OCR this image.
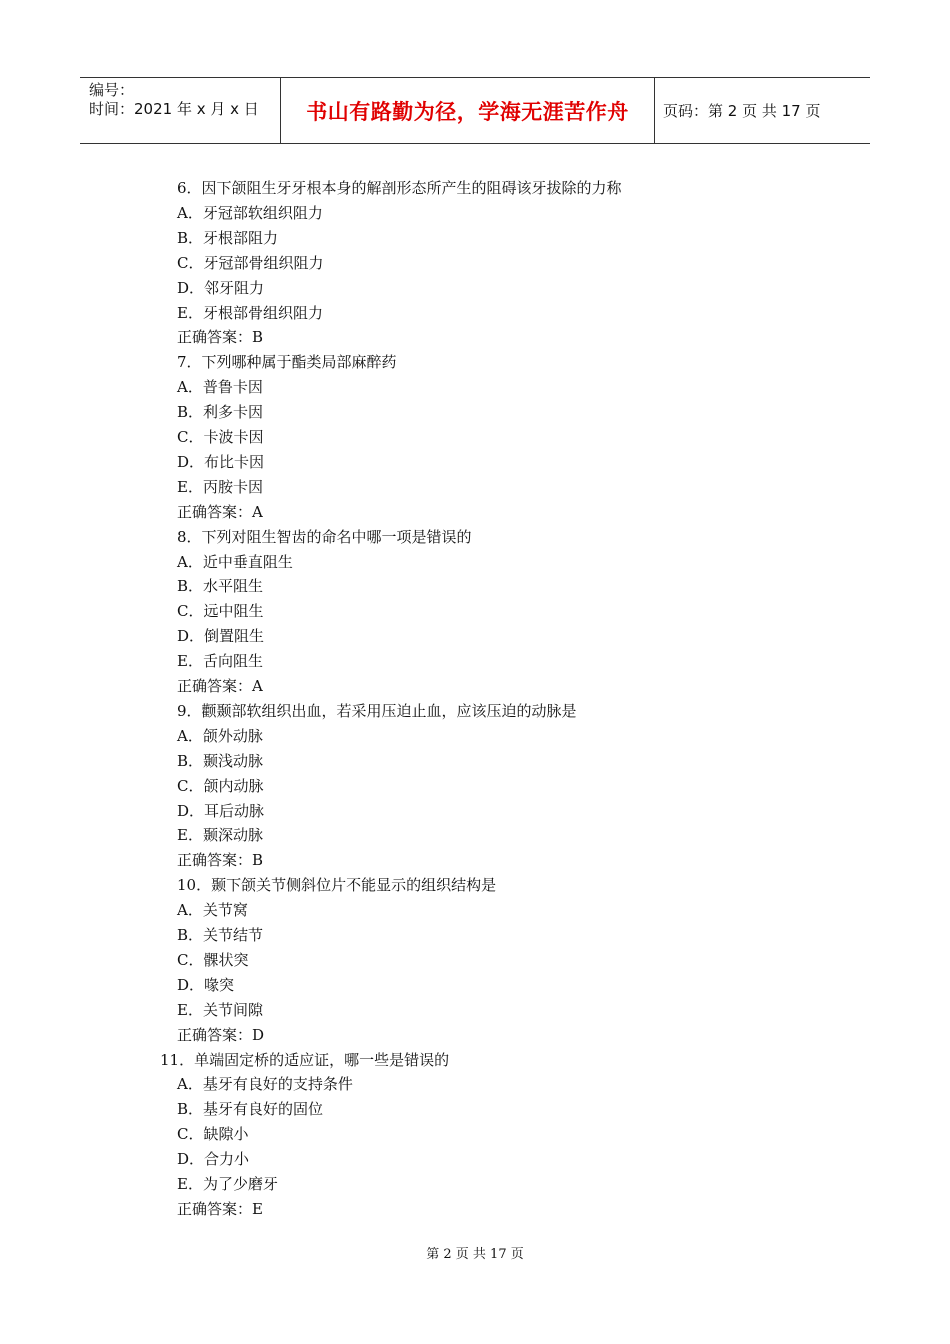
编号：
时间：2021 年 x 月 x 日	书山有路勤为径，学海无涯苦作舟 页码：第 2 页 共 17 页
6．因下颌阻生牙牙根本身的解剖形态所产生的阻碍该牙拔除的力称
A．牙冠部软组织阻力
B．牙根部阻力
C．牙冠部骨组织阻力
D．邻牙阻力
E．牙根部骨组织阻力
正确答案：B
7．下列哪种属于酯类局部麻醉药
A．普鲁卡因
B．利多卡因
C．卡波卡因
D．布比卡因
E．丙胺卡因
正确答案：A
8．下列对阻生智齿的命名中哪一项是错误的
A．近中垂直阻生
B．水平阻生
C．远中阻生
D．倒置阻生
E．舌向阻生
正确答案：A
9．颧颞部软组织出血，若采用压迫止血，应该压迫的动脉是
A．颌外动脉
B．颞浅动脉
C．颌内动脉
D．耳后动脉
E．颞深动脉
正确答案：B
10．颞下颌关节侧斜位片不能显示的组织结构是
A．关节窝
B．关节结节
C．髁状突
D．喙突
E．关节间隙
正确答案：D
11．单端固定桥的适应证，哪一些是错误的
A．基牙有良好的支持条件
B．基牙有良好的固位
C．缺隙小
D．合力小
E．为了少磨牙
正确答案：E
第 2 页 共 17 页
